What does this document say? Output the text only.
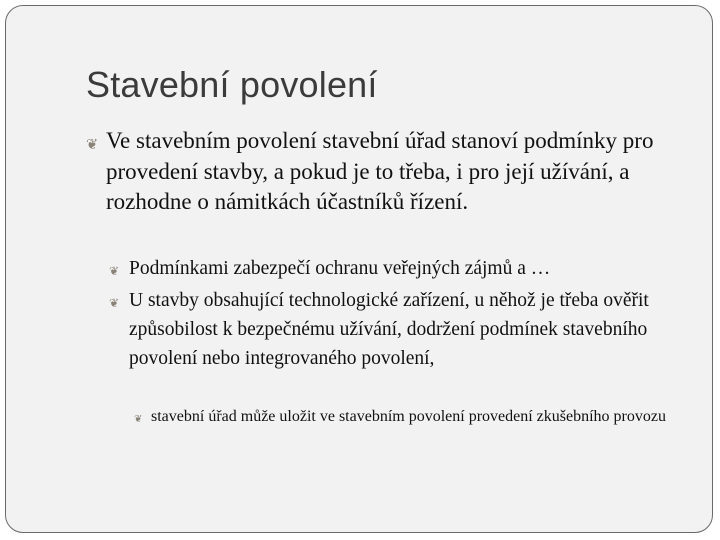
Stavební povolení
❦ Ve stavebním povolení stavební úřad stanoví podmínky pro provedení stavby, a pokud je to třeba, i pro její užívání, a rozhodne o námitkách účastníků řízení.
❦ Podmínkami zabezpečí ochranu veřejných zájmů a …
❦ U stavby obsahující technologické zařízení, u něhož je třeba ověřit způsobilost k bezpečnému užívání, dodržení podmínek stavebního povolení nebo integrovaného povolení,
❦ stavební úřad může uložit ve stavebním povolení provedení zkušebního provozu
